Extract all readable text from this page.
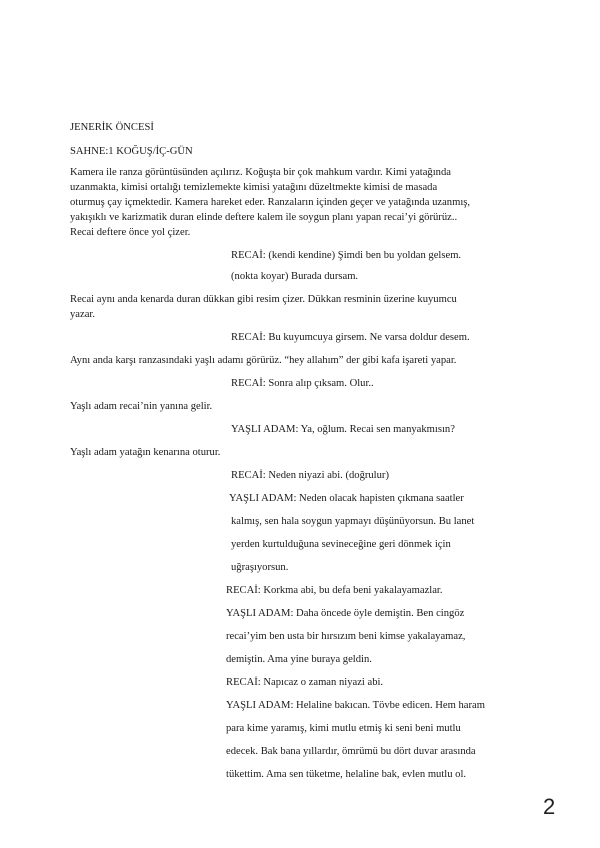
JENERİK ÖNCESİ
SAHNE:1 KOĞUŞ/İÇ-GÜN
Kamera ile ranza görüntüsünden açılırız. Koğuşta bir çok mahkum vardır. Kimi yatağında
uzanmakta, kimisi ortalığı temizlemekte kimisi yatağını düzeltmekte kimisi de masada
oturmuş çay içmektedir. Kamera hareket eder. Ranzaların içinden geçer ve yatağında uzanmış,
yakışıklı ve karizmatik duran elinde deftere kalem ile soygun planı yapan recai’yi görürüz..
Recai deftere önce yol çizer.
RECAİ: (kendi kendine) Şimdi ben bu yoldan gelsem.
(nokta koyar) Burada dursam.
Recai aynı anda kenarda duran dükkan gibi resim çizer. Dükkan resminin üzerine kuyumcu
yazar.
RECAİ: Bu kuyumcuya girsem. Ne varsa doldur desem.
Aynı anda karşı ranzasındaki yaşlı adamı görürüz. “hey allahım” der gibi kafa işareti yapar.
RECAİ: Sonra alıp çıksam. Olur..
Yaşlı adam recai’nin yanına gelir.
YAŞLI ADAM: Ya, oğlum. Recai sen manyakmısın?
Yaşlı adam yatağın kenarına oturur.
RECAİ: Neden niyazi abi. (doğrulur)
YAŞLI ADAM: Neden olacak hapisten çıkmana saatler
kalmış, sen hala soygun yapmayı düşünüyorsun. Bu lanet
yerden kurtulduğuna sevineceğine geri dönmek için
uğraşıyorsun.
RECAİ: Korkma abi, bu defa beni yakalayamazlar.
YAŞLI ADAM: Daha öncede öyle demiştin. Ben cingöz
recai’yim ben usta bir hırsızım beni kimse yakalayamaz,
demiştin. Ama yine buraya geldin.
RECAİ: Napıcaz o zaman niyazi abi.
YAŞLI ADAM: Helaline bakıcan. Tövbe edicen. Hem haram
para kime yaramış, kimi mutlu etmiş ki seni beni mutlu
edecek. Bak bana yıllardır, ömrümü bu dört duvar arasında
tükettim. Ama sen tüketme, helaline bak, evlen mutlu ol.
2
